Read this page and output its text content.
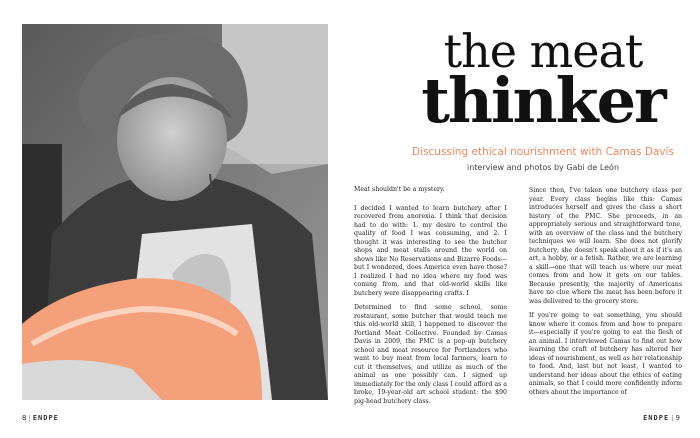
the meat
thinker
Discussing ethical nourishment with Camas Davis
interview and photos by Gabi de León

Meat shouldn't be a mystery.

I decided I wanted to learn butchery after I recovered from anorexia. I think that decision had to do with: 1. my desire to control the quality of food I was consuming, and 2. I thought it was interesting to see the butcher shops and meat stalls around the world on shows like No Reservations and Bizarre Foods—but I wondered, does America even have those? I realized I had no idea where my food was coming from, and that old-world skills like butchery were disappearing crafts. I

Determined to find some school, some restaurant, some butcher that would teach me this old-world skill, I happened to discover the Portland Meat Collective. Founded by Camas Davis in 2009, the PMC is a pop-up butchery school and meat resource for Portlanders who want to buy meat from local farmers, learn to cut it themselves, and utilize as much of the animal as one possibly can. I signed up immediately for the only class I could afford as a broke, 19-year-old art school student: the $90 pig-head butchery class.

Since then, I've taken one butchery class per year. Every class begins like this: Camas introduces herself and gives the class a short history of the PMC. She proceeds, in an appropriately serious and straightforward tone, with an overview of the class and the butchery techniques we will learn. She does not glorify butchery; she doesn't speak about it as if it's an art, a hobby, or a fetish. Rather, we are learning a skill—one that will teach us where our meat comes from and how it gets on our tables. Because presently, the majority of Americans have no clue where the meat has been before it was delivered to the grocery store.

If you're going to eat something, you should know where it comes from and how to prepare it—especially if you're going to eat the flesh of an animal. I interviewed Camas to find out how learning the craft of butchery has altered her ideas of nourishment, as well as her relationship to food. And, last but not least, I wanted to understand her ideas about the ethics of eating animals, so that I could more confidently inform others about the importance of

8 | ENDPE	ENDPE | 9
